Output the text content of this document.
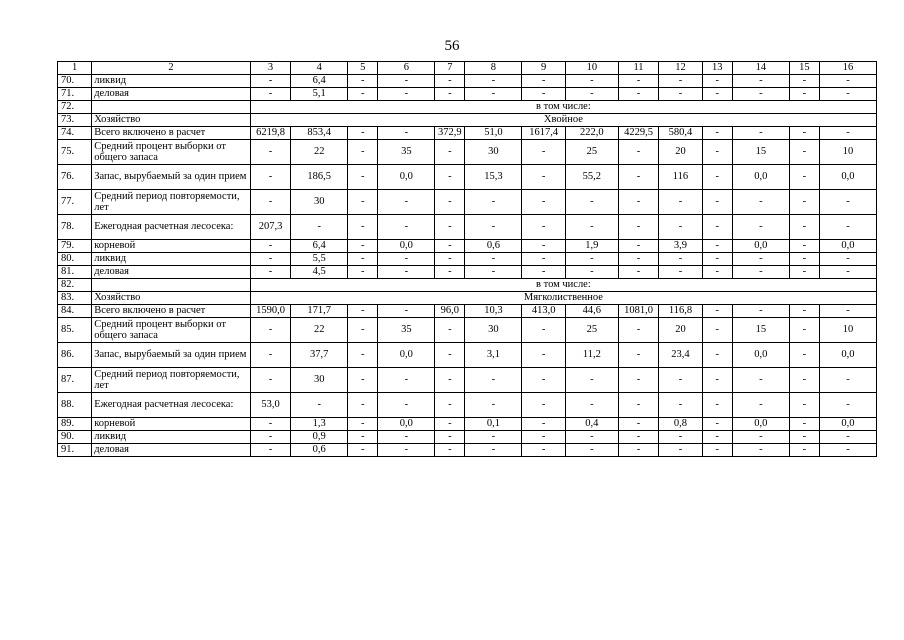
56
1	2	3	4	5	6	7	8	9	10	11	12	13	14	15	16
70.	ликвид	-	6,4	-	-	-	-	-	-	-	-	-	-	-	-
71.	деловая	-	5,1	-	-	-	-	-	-	-	-	-	-	-	-
72.		в том числе:													
73.	Хозяйство	Хвойное													
74.	Всего включено в расчет	6219,8	853,4	-	-	372,9	51,0	1617,4	222,0	4229,5	580,4	-	-	-	-
75.	Средний процент выборки от общего запаса	-	22	-	35	-	30	-	25	-	20	-	15	-	10
76.	Запас, вырубаемый за один прием	-	186,5	-	0,0	-	15,3	-	55,2	-	116	-	0,0	-	0,0
77.	Средний период повторяемости, лет	-	30	-	-	-	-	-	-	-	-	-	-	-	-
78.	Ежегодная расчетная лесосека:	207,3	-	-	-	-	-	-	-	-	-	-	-	-	-
79.	корневой	-	6,4	-	0,0	-	0,6	-	1,9	-	3,9	-	0,0	-	0,0
80.	ликвид	-	5,5	-	-	-	-	-	-	-	-	-	-	-	-
81.	деловая	-	4,5	-	-	-	-	-	-	-	-	-	-	-	-
82.		в том числе:													
83.	Хозяйство	Мягколиственное													
84.	Всего включено в расчет	1590,0	171,7	-	-	96,0	10,3	413,0	44,6	1081,0	116,8	-	-	-	-
85.	Средний процент выборки от общего запаса	-	22	-	35	-	30	-	25	-	20	-	15	-	10
86.	Запас, вырубаемый за один прием	-	37,7	-	0,0	-	3,1	-	11,2	-	23,4	-	0,0	-	0,0
87.	Средний период повторяемости, лет	-	30	-	-	-	-	-	-	-	-	-	-	-	-
88.	Ежегодная расчетная лесосека:	53,0	-	-	-	-	-	-	-	-	-	-	-	-	-
89.	корневой	-	1,3	-	0,0	-	0,1	-	0,4	-	0,8	-	0,0	-	0,0
90.	ликвид	-	0,9	-	-	-	-	-	-	-	-	-	-	-	-
91.	деловая	-	0,6	-	-	-	-	-	-	-	-	-	-	-	-
